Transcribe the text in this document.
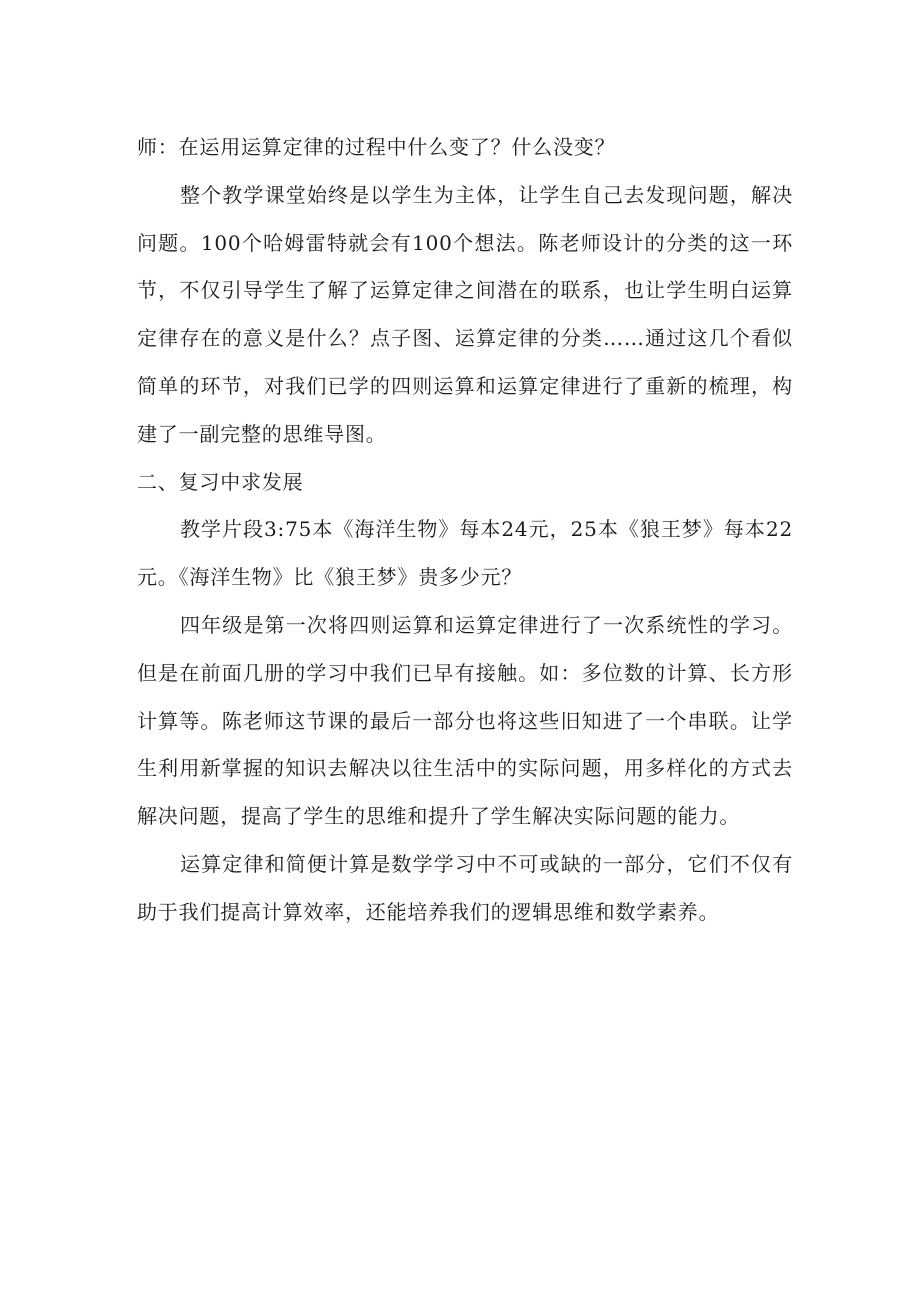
师：在运用运算定律的过程中什么变了？什么没变？

整个教学课堂始终是以学生为主体，让学生自己去发现问题，解决问题。100个哈姆雷特就会有100个想法。陈老师设计的分类的这一环节，不仅引导学生了解了运算定律之间潜在的联系，也让学生明白运算定律存在的意义是什么？点子图、运算定律的分类……通过这几个看似简单的环节，对我们已学的四则运算和运算定律进行了重新的梳理，构建了一副完整的思维导图。

二、复习中求发展

教学片段3:75本《海洋生物》每本24元，25本《狼王梦》每本22元。《海洋生物》比《狼王梦》贵多少元？

四年级是第一次将四则运算和运算定律进行了一次系统性的学习。但是在前面几册的学习中我们已早有接触。如：多位数的计算、长方形计算等。陈老师这节课的最后一部分也将这些旧知进了一个串联。让学生利用新掌握的知识去解决以往生活中的实际问题，用多样化的方式去解决问题，提高了学生的思维和提升了学生解决实际问题的能力。

运算定律和简便计算是数学学习中不可或缺的一部分，它们不仅有助于我们提高计算效率，还能培养我们的逻辑思维和数学素养。
